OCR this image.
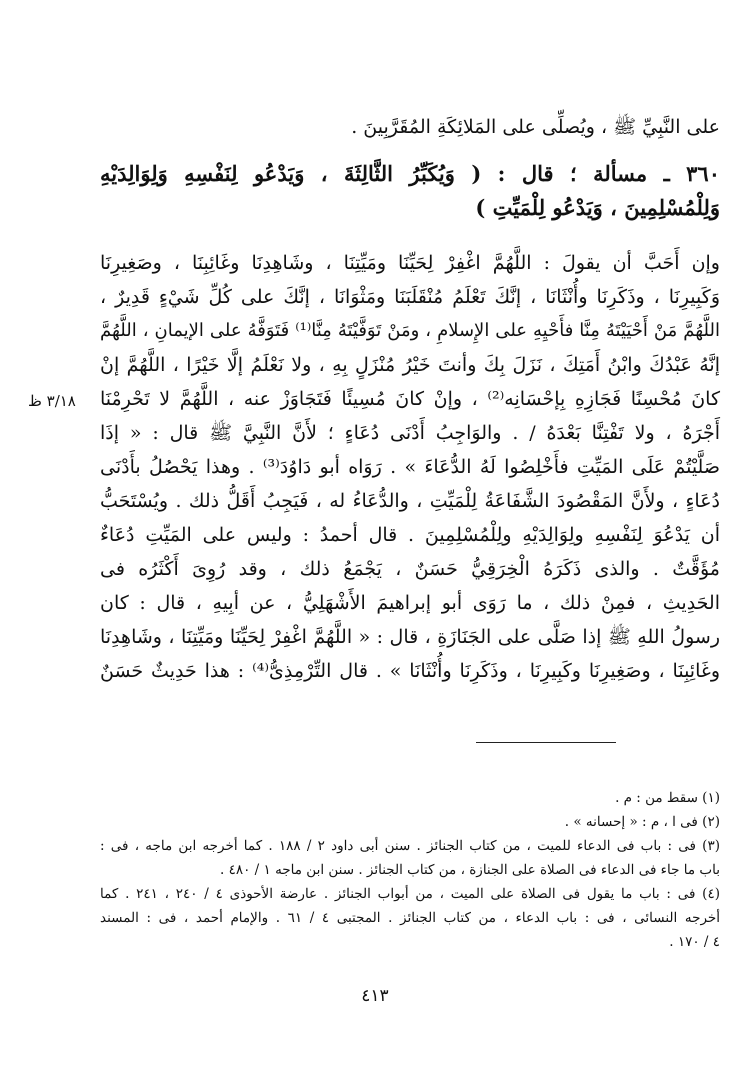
على النَّبِيِّ ﷺ ، ويُصلِّى على المَلائِكَةِ المُقَرَّبِينَ .
٣٦٠ ـ مسألة ؛ قال : ( وَيُكَبِّرُ الثَّالِثَةَ ، وَيَدْعُو لِنَفْسِهِ وَلِوَالِدَيْهِ
وَلِلْمُسْلِمِينَ ، وَيَدْعُو لِلْمَيِّتِ )
وإن أَحَبَّ أن يقولَ : اللَّهُمَّ اغْفِرْ لِحَيِّنَا ومَيِّتِنَا ، وشَاهِدِنَا وغَائِبِنَا ، وصَغِيرِنَا
وَكَبِيرِنَا ، وذَكَرِنَا وأُنْثَانَا ، إنَّكَ تَعْلَمُ مُنْقَلَبَنَا ومَثْوَانَا ، إنَّكَ على كُلِّ شَيْءٍ قَدِيرٌ ،
اللَّهُمَّ مَنْ أَحْيَيْتَهُ مِنَّا فأَحْيِهِ على الإِسلامِ ، ومَنْ تَوَفَّيْتَهُ مِنَّا⁽¹⁾ فَتَوَفَّهُ على الإيمانِ ، اللَّهُمَّ
إنَّهُ عَبْدُكَ وابْنُ أَمَتِكَ ، نَزَلَ بِكَ وأنتَ خَيْرُ مُنْزَلٍ بِهِ ، ولا نَعْلَمُ إلَّا خَيْرًا ، اللَّهُمَّ إنْ
كانَ مُحْسِنًا فَجَازِهِ بِإحْسَانِه⁽²⁾ ، وإنْ كانَ مُسِيئًا فَتَجَاوَزْ عنه ، اللَّهُمَّ لا تَحْرِمْنَا
أَجْرَهُ ، ولا تَفْتِنَّا بَعْدَهُ / . والوَاجِبُ أَدْنَى دُعَاءٍ ؛ لأَنَّ النَّبِيَّ ﷺ قال : « إذَا
صَلَّيْتُمْ عَلَى المَيِّتِ فأَخْلِصُوا لَهُ الدُّعَاءَ » . رَوَاه أبو دَاوُدَ⁽³⁾ . وهذا يَحْصُلُ بأَدْنَى
دُعَاءٍ ، ولأَنَّ المَقْصُودَ الشَّفَاعَةُ لِلْمَيِّتِ ، والدُّعَاءُ له ، فَيَجِبُ أَقَلُّ ذلك . ويُسْتَحَبُّ
أن يَدْعُوَ لِنَفْسِهِ ولِوَالِدَيْهِ ولِلْمُسْلِمِينَ . قال أحمدُ : وليس على المَيِّتِ دُعَاءٌ
مُؤَقَّتٌ . والذى ذَكَرَهُ الْخِرَقِيُّ حَسَنٌ ، يَجْمَعُ ذلك ، وقد رُوِىَ أَكْثَرُه فى
الحَدِيثِ ، فمِنْ ذلك ، ما رَوَى أبو إبراهيمَ الأَشْهَلِيُّ ، عن أبِيهِ ، قال : كان
رسولُ اللهِ ﷺ إذا صَلَّى على الجَنَازَةِ ، قال : « اللَّهُمَّ اغْفِرْ لِحَيِّنَا ومَيِّتِنَا ، وشَاهِدِنَا
وغَائِبِنَا ، وصَغِيرِنَا وكَبِيرِنَا ، وذَكَرِنَا وأُنْثَانَا » . قال التِّرْمِذِىُّ⁽⁴⁾ : هذا حَدِيثٌ حَسَنٌ
٣/١٨ ظ
(١) سقط من : م .
(٢) فى ا ، م : « إحسانه » .
(٣) فى : باب فى الدعاء للميت ، من كتاب الجنائز . سنن أبى داود ٢ / ١٨٨ . كما أخرجه ابن ماجه ، فى :
باب ما جاء فى الدعاء فى الصلاة على الجنازة ، من كتاب الجنائز . سنن ابن ماجه ١ / ٤٨٠ .
(٤) فى : باب ما يقول فى الصلاة على الميت ، من أبواب الجنائز . عارضة الأحوذى ٤ / ٢٤٠ ، ٢٤١ . كما
أخرجه النسائى ، فى : باب الدعاء ، من كتاب الجنائز . المجتبى ٤ / ٦١ . والإمام أحمد ، فى : المسند
٤ / ١٧٠ .
٤١٣
